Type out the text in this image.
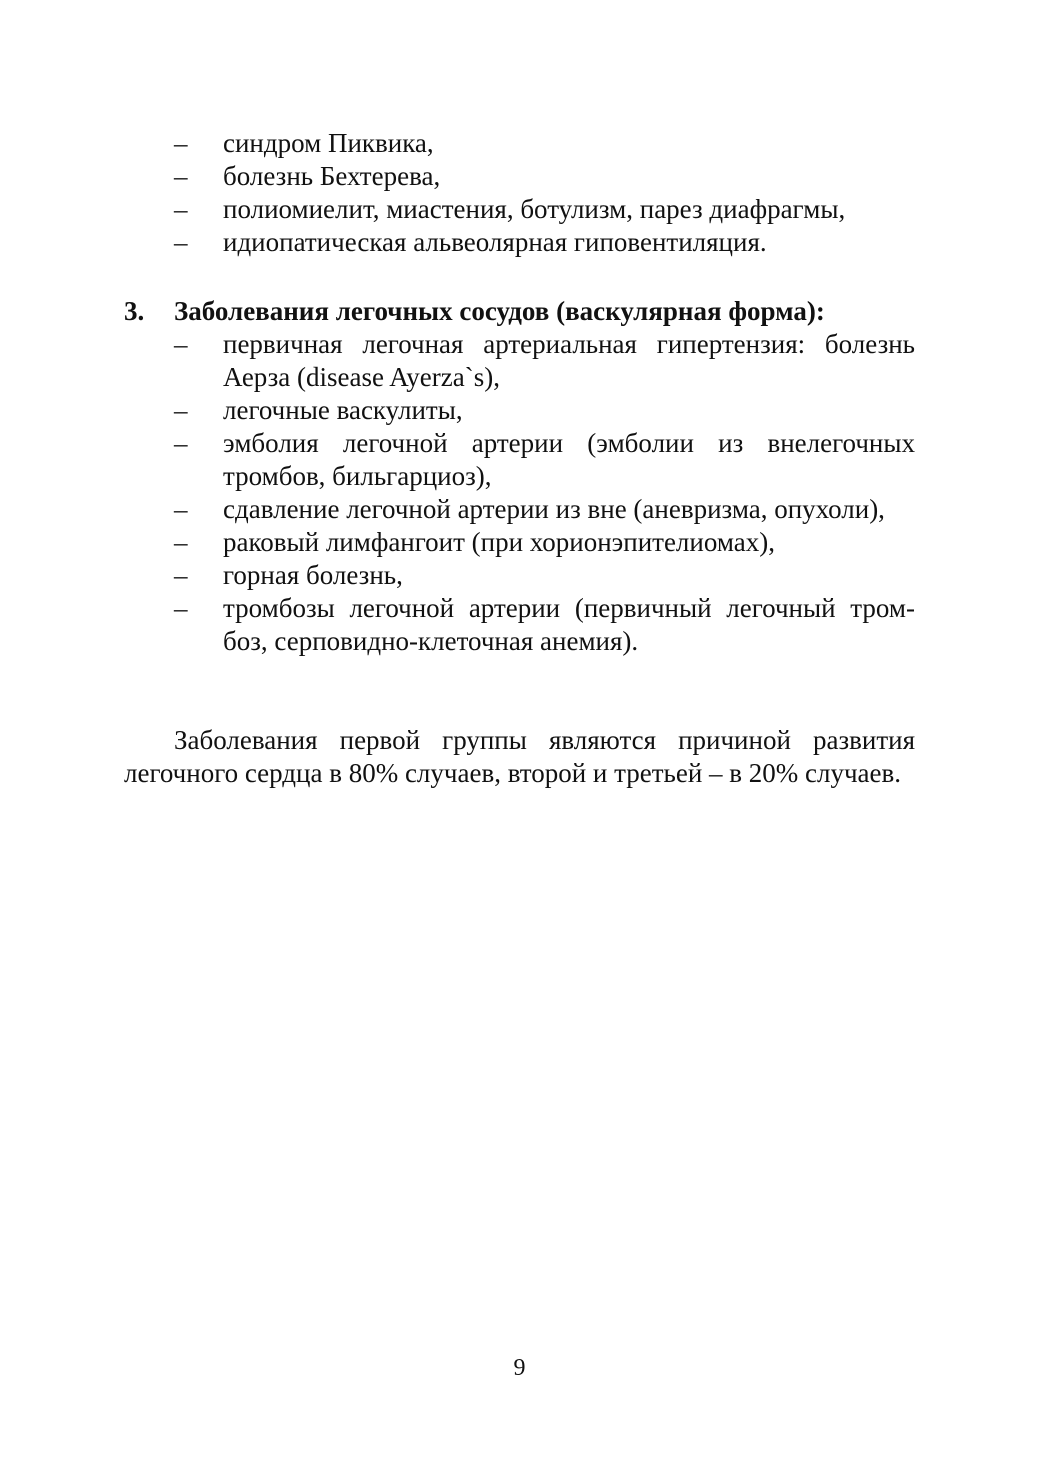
– синдром Пиквика,
– болезнь Бехтерева,
– полиомиелит, миастения, ботулизм, парез диафрагмы,
– идиопатическая альвеолярная гиповентиляция.
3. Заболевания легочных сосудов (васкулярная форма):
– первичная легочная артериальная гипертензия: болезнь Аерза (disease Ayerza`s),
– легочные васкулиты,
– эмболия легочной артерии (эмболии из внелегочных тромбов, бильгарциоз),
– сдавление легочной артерии из вне (аневризма, опухоли),
– раковый лимфангоит (при хорионэпителиомах),
– горная болезнь,
– тромбозы легочной артерии (первичный легочный тром-боз, серповидно-клеточная анемия).

Заболевания первой группы являются причиной развития легочного сердца в 80% случаев, второй и третьей – в 20% случаев.

9
